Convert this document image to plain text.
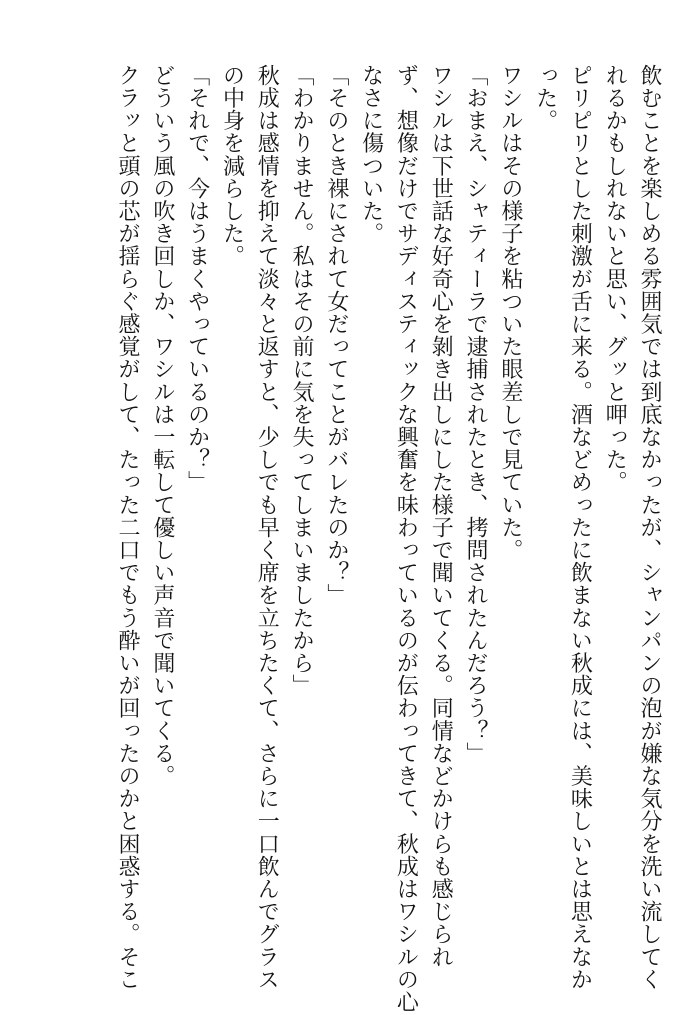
飲むことを楽しめる雰囲気では到底なかったが、シャンパンの泡が嫌な気分を洗い流してく
れるかもしれないと思い、グッと呷った。
ピリピリとした刺激が舌に来る。酒などめったに飲まない秋成には、美味しいとは思えなか
った。
ワシルはその様子を粘ついた眼差しで見ていた。
「おまえ、シャティーラで逮捕されたとき、拷問されたんだろう？」
ワシルは下世話な好奇心を剝き出しにした様子で聞いてくる。同情などかけらも感じられ
ず、想像だけでサディスティックな興奮を味わっているのが伝わってきて、秋成はワシルの心
なさに傷ついた。
「そのとき裸にされて女だってことがバレたのか？」
「わかりません。私はその前に気を失ってしまいましたから」
秋成は感情を抑えて淡々と返すと、少しでも早く席を立ちたくて、さらに一口飲んでグラス
の中身を減らした。
「それで、今はうまくやっているのか？」
どういう風の吹き回しか、ワシルは一転して優しい声音で聞いてくる。
クラッと頭の芯が揺らぐ感覚がして、たった二口でもう酔いが回ったのかと困惑する。そこ
